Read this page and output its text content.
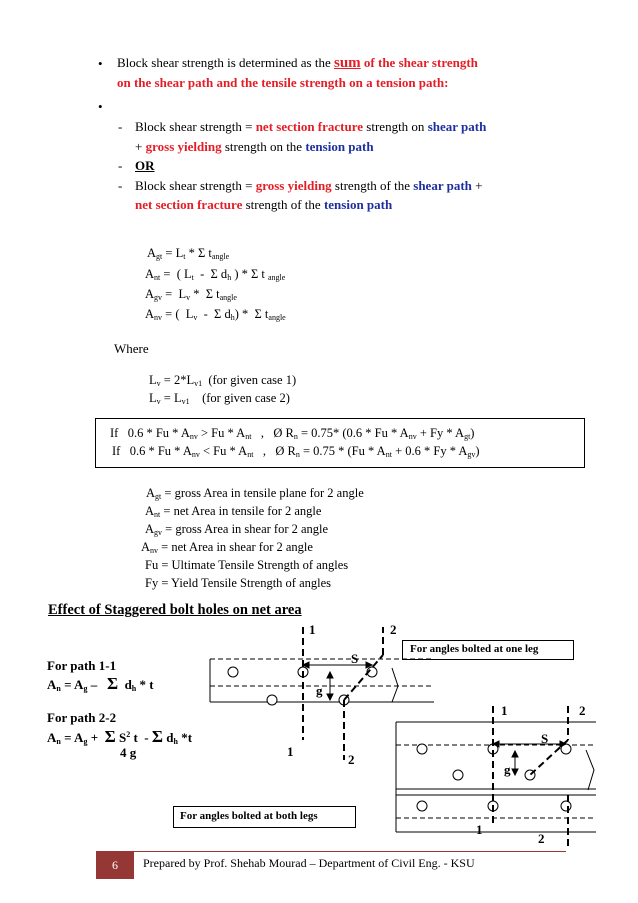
• Block shear strength is determined as the sum of the shear strength
on the shear path and the tensile strength on a tension path:
•
- Block shear strength = net section fracture strength on shear path
+ gross yielding strength on the tension path
- OR
- Block shear strength = gross yielding strength of the shear path +
net section fracture strength of the tension path
$A_{gt} = L_t * \Sigma$ $t_{angle}$
$A_{nt}$ =  ( $L_t$  -  Σ $d_h$ ) * Σ t $_{angle}$
$A_{gv} = L_v * \Sigma$ $t_{angle}$
$A_{nv}$ = (  $L_v$  -  Σ $d_h$) *  Σ $t_{angle}$
Where
$L_v = 2*L_{v1}$  (for given case 1)
$L_v = L_{v1}$    (for given case 2)
If   $0.6 * Fu * A_{nv} > Fu * A_{nt}$   ,   Ø $R_n = 0.75*$ $(0.6 * Fu * A_{nv} + Fy * A_{gt})$
If   $0.6 * Fu * A_{nv} < Fu * A_{nt}$   ,   Ø $R_n = 0.75 * (Fu * A_{nt} + 0.6 * Fy * A_{gv})$
$A_{gt}$ = gross Area in tensile plane for 2 angle
$A_{nt}$ = net Area in tensile for 2 angle
$A_{gv}$ = gross Area in shear for 2 angle
$A_{nv}$ = net Area in shear for 2 angle
Fu = Ultimate Tensile Strength of angles
Fy = Yield Tensile Strength of angles
Effect of Staggered bolt holes on net area
For path 1-1
$A_n = A_g - \Sigma$  $d_h$ * t
For path 2-2
$A_n = A_g + \Sigma$ $S^2$ t  - Σ $d_h$ *t
4 g
1	2
S
g
1
2
For angles bolted at one leg
1	2
S
g
1
2
For angles bolted at both legs
6	Prepared by Prof. Shehab Mourad – Department of Civil Eng. - KSU
